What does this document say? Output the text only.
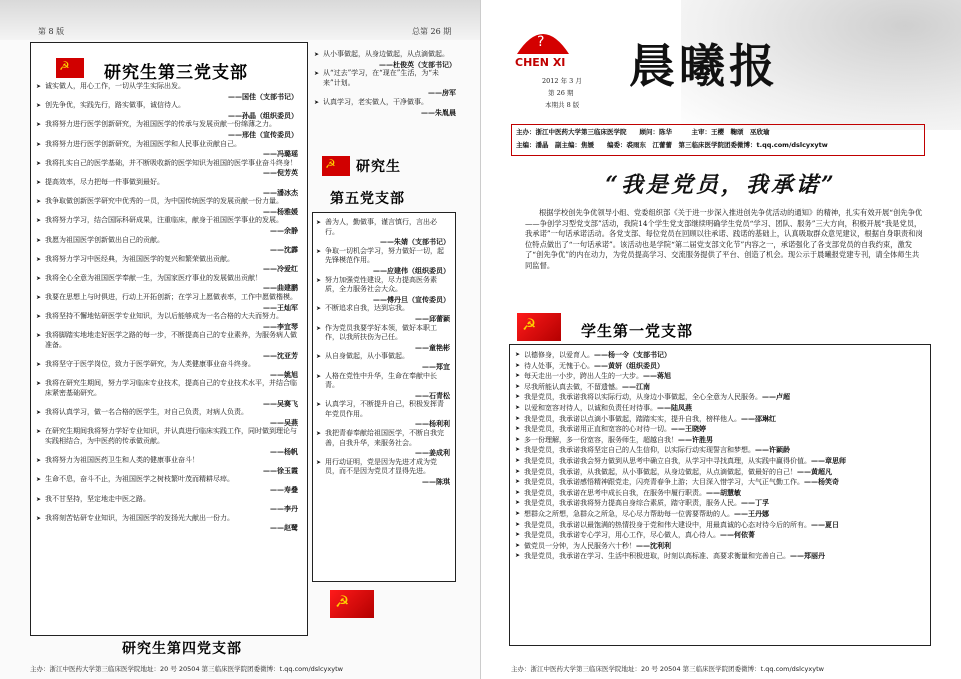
第 8 版	总第 26 期
☭ 研究生第三党支部
➤ 诚实做人，用心工作，一切从学生实际出发。
——国佳（支部书记）
➤ 创先争优，实践先行，路实做事，诚信待人。
——孙晶（组织委员）
➤ 我将努力进行医学创新研究，为祖国医学的传承与发展贡献一份绵薄之力。
——邢佳（宣传委员）
➤ 我将努力进行医学创新研究，为祖国医学和人民事业贡献自己。
——冯璐瑶
➤ 我将扎实自己的医学基础，并不断吸收新的医学知识为祖国的医学事业奋斗终身！
——倪芳英
➤ 提高效率，尽力把每一件事做到最好。
——潘冰杰
➤ 我争取做创新医学研究中优秀的一员，为中国传统医学的发展贡献一份力量。
——杨雅媛
➤ 我将努力学习，结合国际科研成果，注重临床，献身于祖国医学事业的发展。
——余静
➤ 我愿为祖国医学创新做出自己的贡献。
——沈霹
➤ 我将努力学习中医经典，为祖国医学的复兴和繁荣做出贡献。
——冷爱红
➤ 我将全心全意为祖国医学奉献一生，为国家医疗事业的发展做出贡献！
——曲建鹏
➤ 我要在思想上与时俱进，行动上开拓创新；在学习上愿做表率，工作中愿做楷模。
——王灿军
➤ 我将坚持不懈地钻研医学专业知识，为以后能够成为一名合格的大夫而努力。
——李宜琴
➤ 我将脚踏实地地走好医学之路的每一步，不断提高自己的专业素养，为服务病人做准备。
——沈亚芳
➤ 我将坚守于医学岗位，致力于医学研究，为人类健康事业奋斗终身。
——姚旭
➤ 我将在研究生期间，努力学习临床专业技术，提高自己的专业技术水平，并结合临床紧密基础研究。
——吴赛飞
➤ 我将认真学习，做一名合格的医学生，对自己负责，对病人负责。
——吴燕
➤ 在研究生期间我将努力学好专业知识，并认真进行临床实践工作，同时做到理论与实践相结合，为中医药的传承做贡献。
——杨帆
➤ 我将努力为祖国医药卫生和人类的健康事业奋斗！
——徐玉霞
➤ 生命不息，奋斗不止，为祖国医学之树枝繁叶茂而精耕尽瘁。
——寿叠
➤ 我不甘坚持，坚定地走中医之路。
——李丹
➤ 我将刻苦钻研专业知识，为祖国医学的发扬光大献出一份力。
——赵鹭
➤ 从小事做起，从身边做起，从点滴做起。
——杜俊英（支部书记）
➤ 从“过去”学习，在“现在”生活，为“未来”计划。
——房军
➤ 认真学习，老实做人，干净做事。
——朱胤晨
☭ 研究生
第五党支部
➤ 善为人，勤做事，谨言慎行，言出必行。
——朱婧（支部书记）
➤ 争取一切机会学习，努力做好一切，起先锋模范作用。
——应建伟（组织委员）
➤ 努力加强党性建设，尽力提高医务素质，全力服务社会大众。
——傅丹旦（宣传委员）
➤ 不断追求自我，达到忘我。
——邱蕾颖
➤ 作为党员我要学好本领，做好本职工作，以我所扶伤为己任。
——童艳彬
➤ 从自身做起，从小事做起。
——郑宜
➤ 人格在党性中升华，生命在奉献中长青。
——石青松
➤ 认真学习，不断提升自己，积极发挥青年党员作用。
——杨利利
➤ 我把青春奉献给祖国医学，不断自我完善，自我升华，来服务社会。
——姜成利
➤ 用行动证明，党是因为先进才成为党员，而不是因为党员才显得先进。
——陈琪
☭
研究生第四党支部
主办：浙江中医药大学第三临床医学院地址：20 号 20504 第三临床医学院团委微博：t.qq.com/dslcyxytw
?
CHEN XI
2012 年 3 月
第 26 期
本期共 8 版
晨曦报
主办：浙江中医药大学第三临床医学院　　顾问：陈华　　　主审：王樱　鞠颂　巫欣瑜
主编：潘晶　副主编：焦媛　　编委：裘雨东　江蕾蕾　第三临床医学院团委微博：t.qq.com/dslcyxytw
“我是党员，我承诺”
根据学校创先争优领导小组、党委组织部《关于进一步深入推进创先争优活动的通知》的精神，扎实有效开展“创先争优——争创学习型党支部”活动，我院14个学生党支部继续明确学生党员“学习、团队、服务”三大方向，积极开展“我是党员，我承诺”一句话承诺活动。各党支部、每位党员在回顾以往承诺、践诺的基础上，认真吸取群众意见建议，根据自身职责和岗位特点做出了“一句话承诺”。该活动也是学院“第二届党支部文化节”内容之一，承诺强化了各支部党员的自我约束，激发了“创先争优”的内在动力，为党员提高学习、交流服务提供了平台、创造了机会。现公示于晨曦报党建专刊，请全体师生共同监督。
☭	学生第一党支部
➤ 以德修身，以爱育人。——杨一令（支部书记）
➤ 待人处事，无愧于心。——黄妍（组织委员）
➤ 每天走出一小步，跨出人生的一大步。——蒋旭
➤ 尽我所能认真去做，不留遗憾。——江南
➤ 我是党员，我承诺我将以实际行动，从身边小事做起，全心全意为人民服务。——卢超
➤ 以爱和宽容对待人，以诚和负责任对待事。——陆凤燕
➤ 我是党员，我承诺以点滴小事做起，踏踏实实，提升自我，榜样他人。——邵琳红
➤ 我是党员，我承诺用正直和宽容的心对待一切。——王晓婷
➤ 多一份理解，多一份宽容，服务师生，超越自我！——许胜男
➤ 我是党员，我承诺我将坚定自己的人生信仰，以实际行动实现誓言和梦想。——许颖龄
➤ 我是党员，我承诺我会努力做到从思考中确立自我，从学习中寻找真理，从实践中赢得价值。——章思师
➤ 我是党员，我承诺，从我做起，从小事做起，从身边做起，从点滴做起，做最好的自己！——黄超凡
➤ 我是党员，我承诺感悟精神跟党走，闪亮青春争上游；大目深入惜学习，大气正气勤工作。——杨笑奇
➤ 我是党员，我承诺在思考中成长自我，在服务中履行职责。——胡慧敏
➤ 我是党员，我承诺我将努力提高自身综合素质，踏守职责，服务人民。——丁孚
➤ 想群众之所想，急群众之所急，尽心尽力帮助每一位需要帮助的人。——王丹娜
➤ 我是党员，我承诺以最饱满的热情投身于党和伟大建设中，用最真诚的心态对待今后的所有。——夏日
➤ 我是党员，我承诺专心学习，用心工作，尽心做人，真心待人。——何依菁
➤ 做党员一分钟，为人民服务六十秒！——沈利利
➤ 我是党员，我承诺在学习、生活中积极进取，时刻以高标准、高要求衡量和完善自己。——郑丽丹
主办：浙江中医药大学第三临床医学院地址：20 号 20504 第三临床医学院团委微博：t.qq.com/dslcyxytw
